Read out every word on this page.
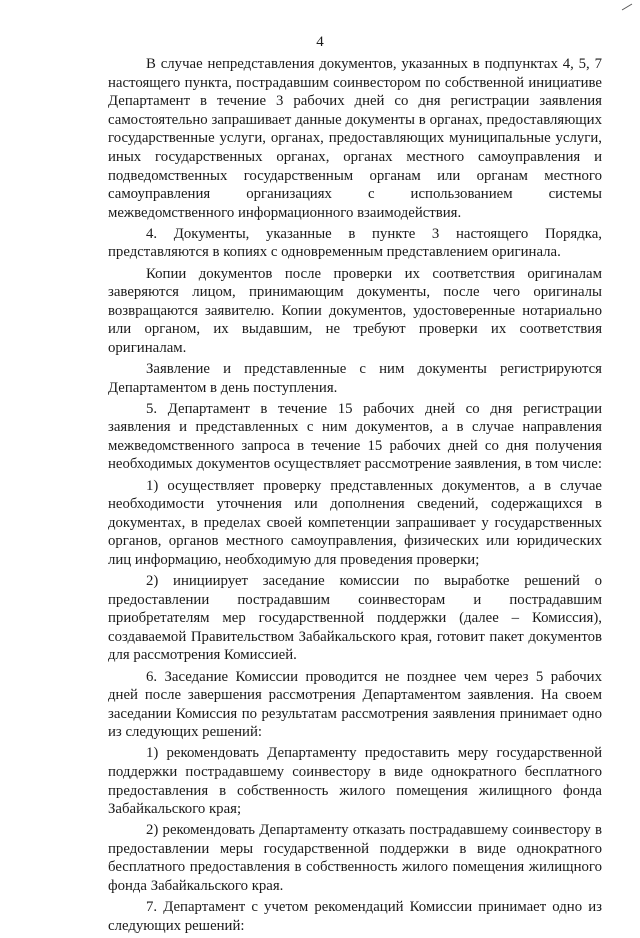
4

В случае непредставления документов, указанных в подпунктах 4, 5, 7 настоящего пункта, пострадавшим соинвестором по собственной инициативе Департамент в течение 3 рабочих дней со дня регистрации заявления самостоятельно запрашивает данные документы в органах, предоставляющих государственные услуги, органах, предоставляющих муниципальные услуги, иных государственных органах, органах местного самоуправления и подведомственных государственным органам или органам местного самоуправления организациях с использованием системы межведомственного информационного взаимодействия.

4. Документы, указанные в пункте 3 настоящего Порядка, представляются в копиях с одновременным представлением оригинала.

Копии документов после проверки их соответствия оригиналам заверяются лицом, принимающим документы, после чего оригиналы возвращаются заявителю. Копии документов, удостоверенные нотариально или органом, их выдавшим, не требуют проверки их соответствия оригиналам.

Заявление и представленные с ним документы регистрируются Департаментом в день поступления.

5. Департамент в течение 15 рабочих дней со дня регистрации заявления и представленных с ним документов, а в случае направления межведомственного запроса в течение 15 рабочих дней со дня получения необходимых документов осуществляет рассмотрение заявления, в том числе:

1) осуществляет проверку представленных документов, а в случае необходимости уточнения или дополнения сведений, содержащихся в документах, в пределах своей компетенции запрашивает у государственных органов, органов местного самоуправления, физических или юридических лиц информацию, необходимую для проведения проверки;

2) инициирует заседание комиссии по выработке решений о предоставлении пострадавшим соинвесторам и пострадавшим приобретателям мер государственной поддержки (далее – Комиссия), создаваемой Правительством Забайкальского края, готовит пакет документов для рассмотрения Комиссией.

6. Заседание Комиссии проводится не позднее чем через 5 рабочих дней после завершения рассмотрения Департаментом заявления. На своем заседании Комиссия по результатам рассмотрения заявления принимает одно из следующих решений:

1) рекомендовать Департаменту предоставить меру государственной поддержки пострадавшему соинвестору в виде однократного бесплатного предоставления в собственность жилого помещения жилищного фонда Забайкальского края;

2) рекомендовать Департаменту отказать пострадавшему соинвестору в предоставлении меры государственной поддержки в виде однократного бесплатного предоставления в собственность жилого помещения жилищного фонда Забайкальского края.

7. Департамент с учетом рекомендаций Комиссии принимает одно из следующих решений:
